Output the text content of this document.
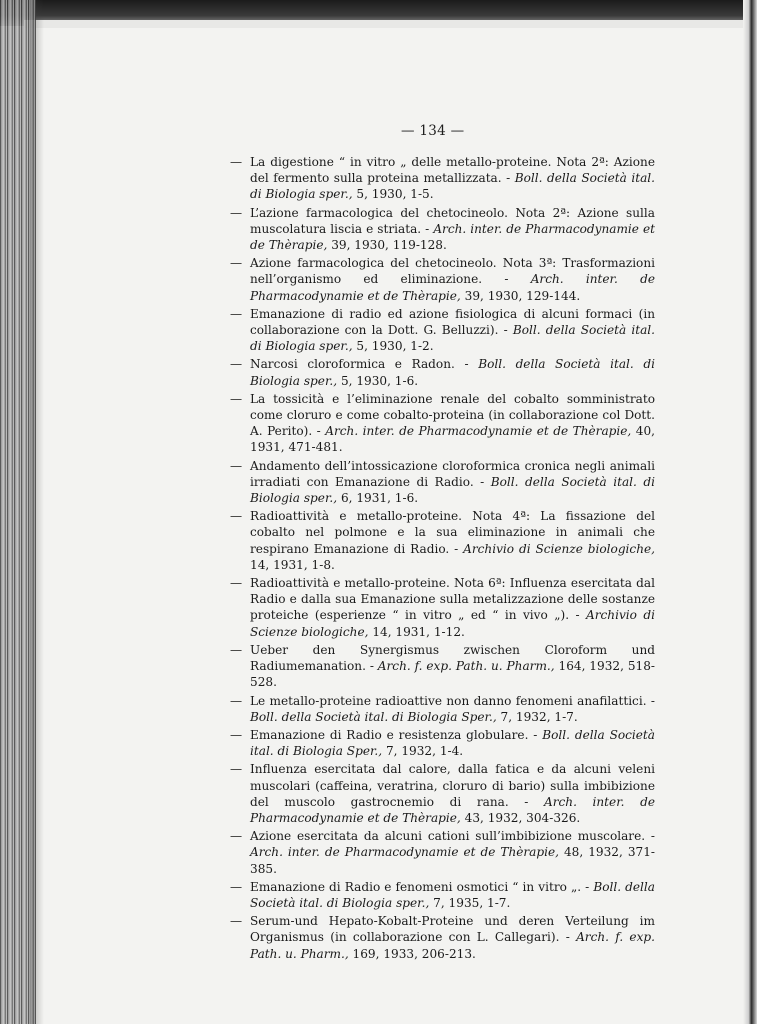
— 134 —
— La digestione “ in vitro „ delle metallo-proteine. Nota 2ª: Azione del fermento sulla proteina metallizzata. - Boll. della Società ital. di Biologia sper., 5, 1930, 1-5.
— L’azione farmacologica del chetocineolo. Nota 2ª: Azione sulla muscolatura liscia e striata. - Arch. inter. de Pharmacodynamie et de Thèrapie, 39, 1930, 119-128.
— Azione farmacologica del chetocineolo. Nota 3ª: Trasformazioni nell’organismo ed eliminazione. - Arch. inter. de Pharmacodynamie et de Thèrapie, 39, 1930, 129-144.
— Emanazione di radio ed azione fisiologica di alcuni formaci (in collaborazione con la Dott. G. Belluzzi). - Boll. della Società ital. di Biologia sper., 5, 1930, 1-2.
— Narcosi cloroformica e Radon. - Boll. della Società ital. di Biologia sper., 5, 1930, 1-6.
— La tossicità e l’eliminazione renale del cobalto somministrato come cloruro e come cobalto-proteina (in collaborazione col Dott. A. Perito). - Arch. inter. de Pharmacodynamie et de Thèrapie, 40, 1931, 471-481.
— Andamento dell’intossicazione cloroformica cronica negli animali irradiati con Emanazione di Radio. - Boll. della Società ital. di Biologia sper., 6, 1931, 1-6.
— Radioattività e metallo-proteine. Nota 4ª: La fissazione del cobalto nel polmone e la sua eliminazione in animali che respirano Emanazione di Radio. - Archivio di Scienze biologiche, 14, 1931, 1-8.
— Radioattività e metallo-proteine. Nota 6ª: Influenza esercitata dal Radio e dalla sua Emanazione sulla metalizzazione delle sostanze proteiche (esperienze “ in vitro „ ed “ in vivo „). - Archivio di Scienze biologiche, 14, 1931, 1-12.
— Ueber den Synergismus zwischen Cloroform und Radiumemanation. - Arch. f. exp. Path. u. Pharm., 164, 1932, 518-528.
— Le metallo-proteine radioattive non danno fenomeni anafilattici. - Boll. della Società ital. di Biologia Sper., 7, 1932, 1-7.
— Emanazione di Radio e resistenza globulare. - Boll. della Società ital. di Biologia Sper., 7, 1932, 1-4.
— Influenza esercitata dal calore, dalla fatica e da alcuni veleni muscolari (caffeina, veratrina, cloruro di bario) sulla imbibizione del muscolo gastrocnemio di rana. - Arch. inter. de Pharmacodynamie et de Thèrapie, 43, 1932, 304-326.
— Azione esercitata da alcuni cationi sull’imbibizione muscolare. - Arch. inter. de Pharmacodynamie et de Thèrapie, 48, 1932, 371-385.
— Emanazione di Radio e fenomeni osmotici “ in vitro „. - Boll. della Società ital. di Biologia sper., 7, 1935, 1-7.
— Serum-und Hepato-Kobalt-Proteine und deren Verteilung im Organismus (in collaborazione con L. Callegari). - Arch. f. exp. Path. u. Pharm., 169, 1933, 206-213.
